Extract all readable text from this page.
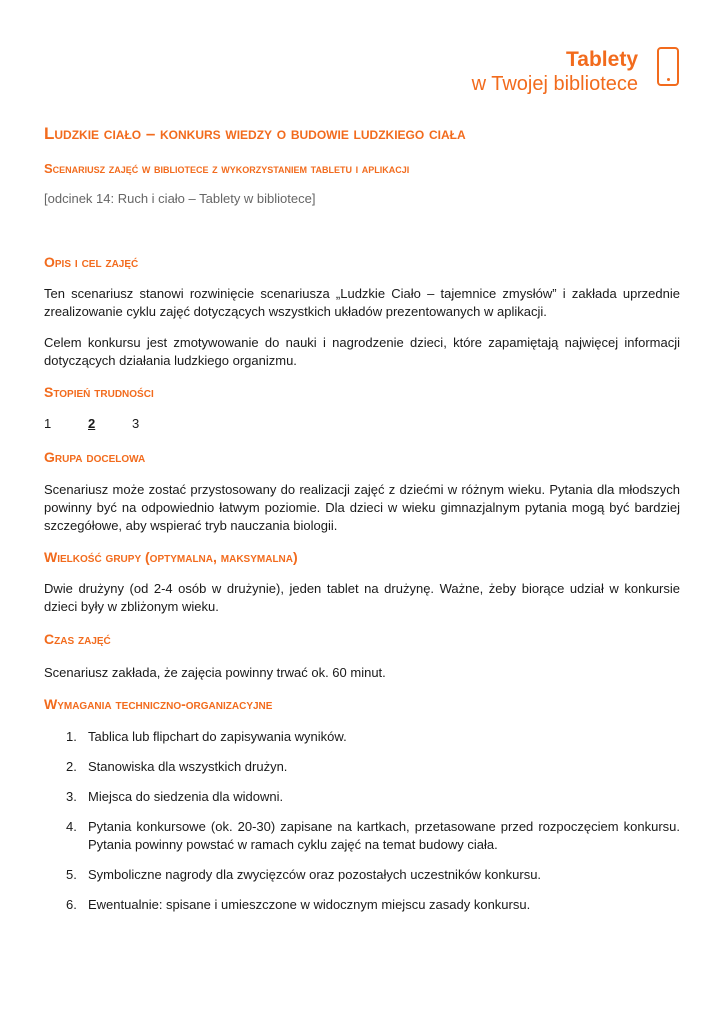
Tablety
w Twojej bibliotece
Ludzkie ciało – konkurs wiedzy o budowie ludzkiego ciała
Scenariusz zajęć w bibliotece z wykorzystaniem tabletu i aplikacji

[odcinek 14: Ruch i ciało – Tablety w bibliotece]

Opis i cel zajęć

Ten scenariusz stanowi rozwinięcie scenariusza „Ludzkie Ciało – tajemnice zmysłów” i zakłada uprzednie zrealizowanie cyklu zajęć dotyczących wszystkich układów prezentowanych w aplikacji.

Celem konkursu jest zmotywowanie do nauki i nagrodzenie dzieci, które zapamiętają najwięcej informacji dotyczących działania ludzkiego organizmu.

Stopień trudności
1	2	3
Grupa docelowa

Scenariusz może zostać przystosowany do realizacji zajęć z dziećmi w różnym wieku. Pytania dla młodszych powinny być na odpowiednio łatwym poziomie. Dla dzieci w wieku gimnazjalnym pytania mogą być bardziej szczegółowe, aby wspierać tryb nauczania biologii.

Wielkość grupy (optymalna, maksymalna)

Dwie drużyny (od 2-4 osób w drużynie), jeden tablet na drużynę. Ważne, żeby biorące udział w konkursie dzieci były w zbliżonym wieku.

Czas zajęć

Scenariusz zakłada, że zajęcia powinny trwać ok. 60 minut.

Wymagania techniczno-organizacyjne
1. Tablica lub flipchart do zapisywania wyników.
2. Stanowiska dla wszystkich drużyn.
3. Miejsca do siedzenia dla widowni.
4. Pytania konkursowe (ok. 20-30) zapisane na kartkach, przetasowane przed rozpoczęciem konkursu. Pytania powinny powstać w ramach cyklu zajęć na temat budowy ciała.
5. Symboliczne nagrody dla zwycięzców oraz pozostałych uczestników konkursu.
6. Ewentualnie: spisane i umieszczone w widocznym miejscu zasady konkursu.
